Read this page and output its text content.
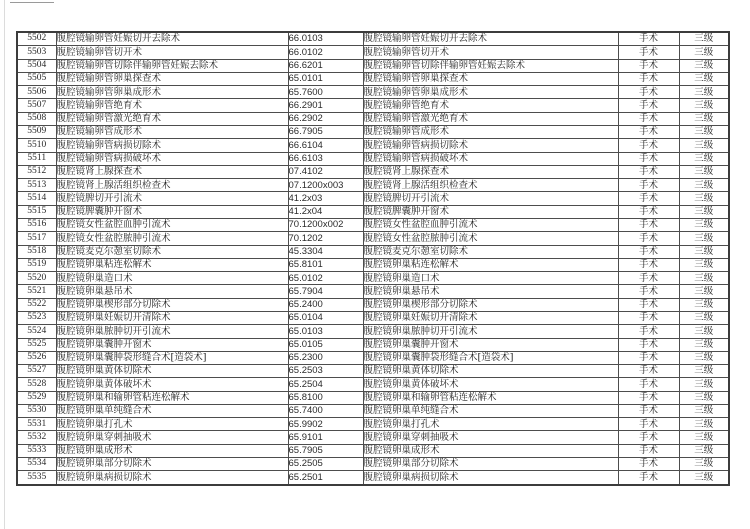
5502	腹腔镜输卵管妊娠切开去除术	66.0103	腹腔镜输卵管妊娠切开去除术	手术	三级
5503	腹腔镜输卵管切开术	66.0102	腹腔镜输卵管切开术	手术	三级
5504	腹腔镜输卵管切除伴输卵管妊娠去除术	66.6201	腹腔镜输卵管切除伴输卵管妊娠去除术	手术	三级
5505	腹腔镜输卵管卵巢探查术	65.0101	腹腔镜输卵管卵巢探查术	手术	三级
5506	腹腔镜输卵管卵巢成形术	65.7600	腹腔镜输卵管卵巢成形术	手术	三级
5507	腹腔镜输卵管绝育术	66.2901	腹腔镜输卵管绝育术	手术	三级
5508	腹腔镜输卵管激光绝育术	66.2902	腹腔镜输卵管激光绝育术	手术	三级
5509	腹腔镜输卵管成形术	66.7905	腹腔镜输卵管成形术	手术	三级
5510	腹腔镜输卵管病损切除术	66.6104	腹腔镜输卵管病损切除术	手术	三级
5511	腹腔镜输卵管病损破坏术	66.6103	腹腔镜输卵管病损破坏术	手术	三级
5512	腹腔镜肾上腺探查术	07.4102	腹腔镜肾上腺探查术	手术	三级
5513	腹腔镜肾上腺活组织检查术	07.1200x003	腹腔镜肾上腺活组织检查术	手术	三级
5514	腹腔镜脾切开引流术	41.2x03	腹腔镜脾切开引流术	手术	三级
5515	腹腔镜脾囊肿开窗术	41.2x04	腹腔镜脾囊肿开窗术	手术	三级
5516	腹腔镜女性盆腔血肿引流术	70.1200x002	腹腔镜女性盆腔血肿引流术	手术	三级
5517	腹腔镜女性盆腔脓肿引流术	70.1202	腹腔镜女性盆腔脓肿引流术	手术	三级
5518	腹腔镜麦克尔憩室切除术	45.3304	腹腔镜麦克尔憩室切除术	手术	三级
5519	腹腔镜卵巢粘连松解术	65.8101	腹腔镜卵巢粘连松解术	手术	三级
5520	腹腔镜卵巢造口术	65.0102	腹腔镜卵巢造口术	手术	三级
5521	腹腔镜卵巢悬吊术	65.7904	腹腔镜卵巢悬吊术	手术	三级
5522	腹腔镜卵巢楔形部分切除术	65.2400	腹腔镜卵巢楔形部分切除术	手术	三级
5523	腹腔镜卵巢妊娠切开清除术	65.0104	腹腔镜卵巢妊娠切开清除术	手术	三级
5524	腹腔镜卵巢脓肿切开引流术	65.0103	腹腔镜卵巢脓肿切开引流术	手术	三级
5525	腹腔镜卵巢囊肿开窗术	65.0105	腹腔镜卵巢囊肿开窗术	手术	三级
5526	腹腔镜卵巢囊肿袋形缝合术[造袋术]	65.2300	腹腔镜卵巢囊肿袋形缝合术[造袋术]	手术	三级
5527	腹腔镜卵巢黄体切除术	65.2503	腹腔镜卵巢黄体切除术	手术	三级
5528	腹腔镜卵巢黄体破坏术	65.2504	腹腔镜卵巢黄体破坏术	手术	三级
5529	腹腔镜卵巢和输卵管粘连松解术	65.8100	腹腔镜卵巢和输卵管粘连松解术	手术	三级
5530	腹腔镜卵巢单纯缝合术	65.7400	腹腔镜卵巢单纯缝合术	手术	三级
5531	腹腔镜卵巢打孔术	65.9902	腹腔镜卵巢打孔术	手术	三级
5532	腹腔镜卵巢穿刺抽吸术	65.9101	腹腔镜卵巢穿刺抽吸术	手术	三级
5533	腹腔镜卵巢成形术	65.7905	腹腔镜卵巢成形术	手术	三级
5534	腹腔镜卵巢部分切除术	65.2505	腹腔镜卵巢部分切除术	手术	三级
5535	腹腔镜卵巢病损切除术	65.2501	腹腔镜卵巢病损切除术	手术	三级
